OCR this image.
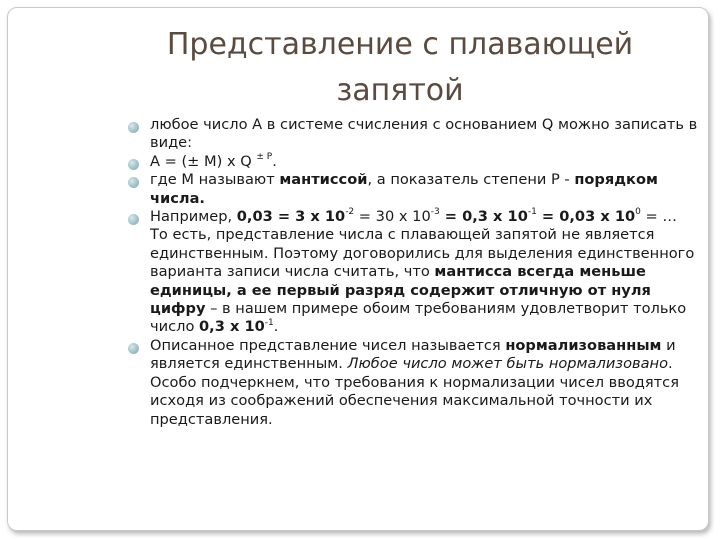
Представление с плавающей запятой
любое число А в системе счисления с основанием Q можно записать в виде:
А = (± М) х Q $^{\pm Р}$.
где М называют мантиссой, а показатель степени Р - порядком числа.
Например, 0,03 = 3 х $10^{-2} = 30$ х $10^{-3} = 0,3$ х $10^{-1} = 0,03$ х $10^0$ = …
То есть, представление числа с плавающей запятой не является единственным. Поэтому договорились для выделения единственного варианта записи числа считать, что мантисса всегда меньше единицы, а ее первый разряд содержит отличную от нуля цифру – в нашем примере обоим требованиям удовлетворит только число 0,3 х $10^{-1}$.
Описанное представление чисел называется нормализованным и является единственным. Любое число может быть нормализовано. Особо подчеркнем, что требования к нормализации чисел вводятся исходя из соображений обеспечения максимальной точности их представления.
